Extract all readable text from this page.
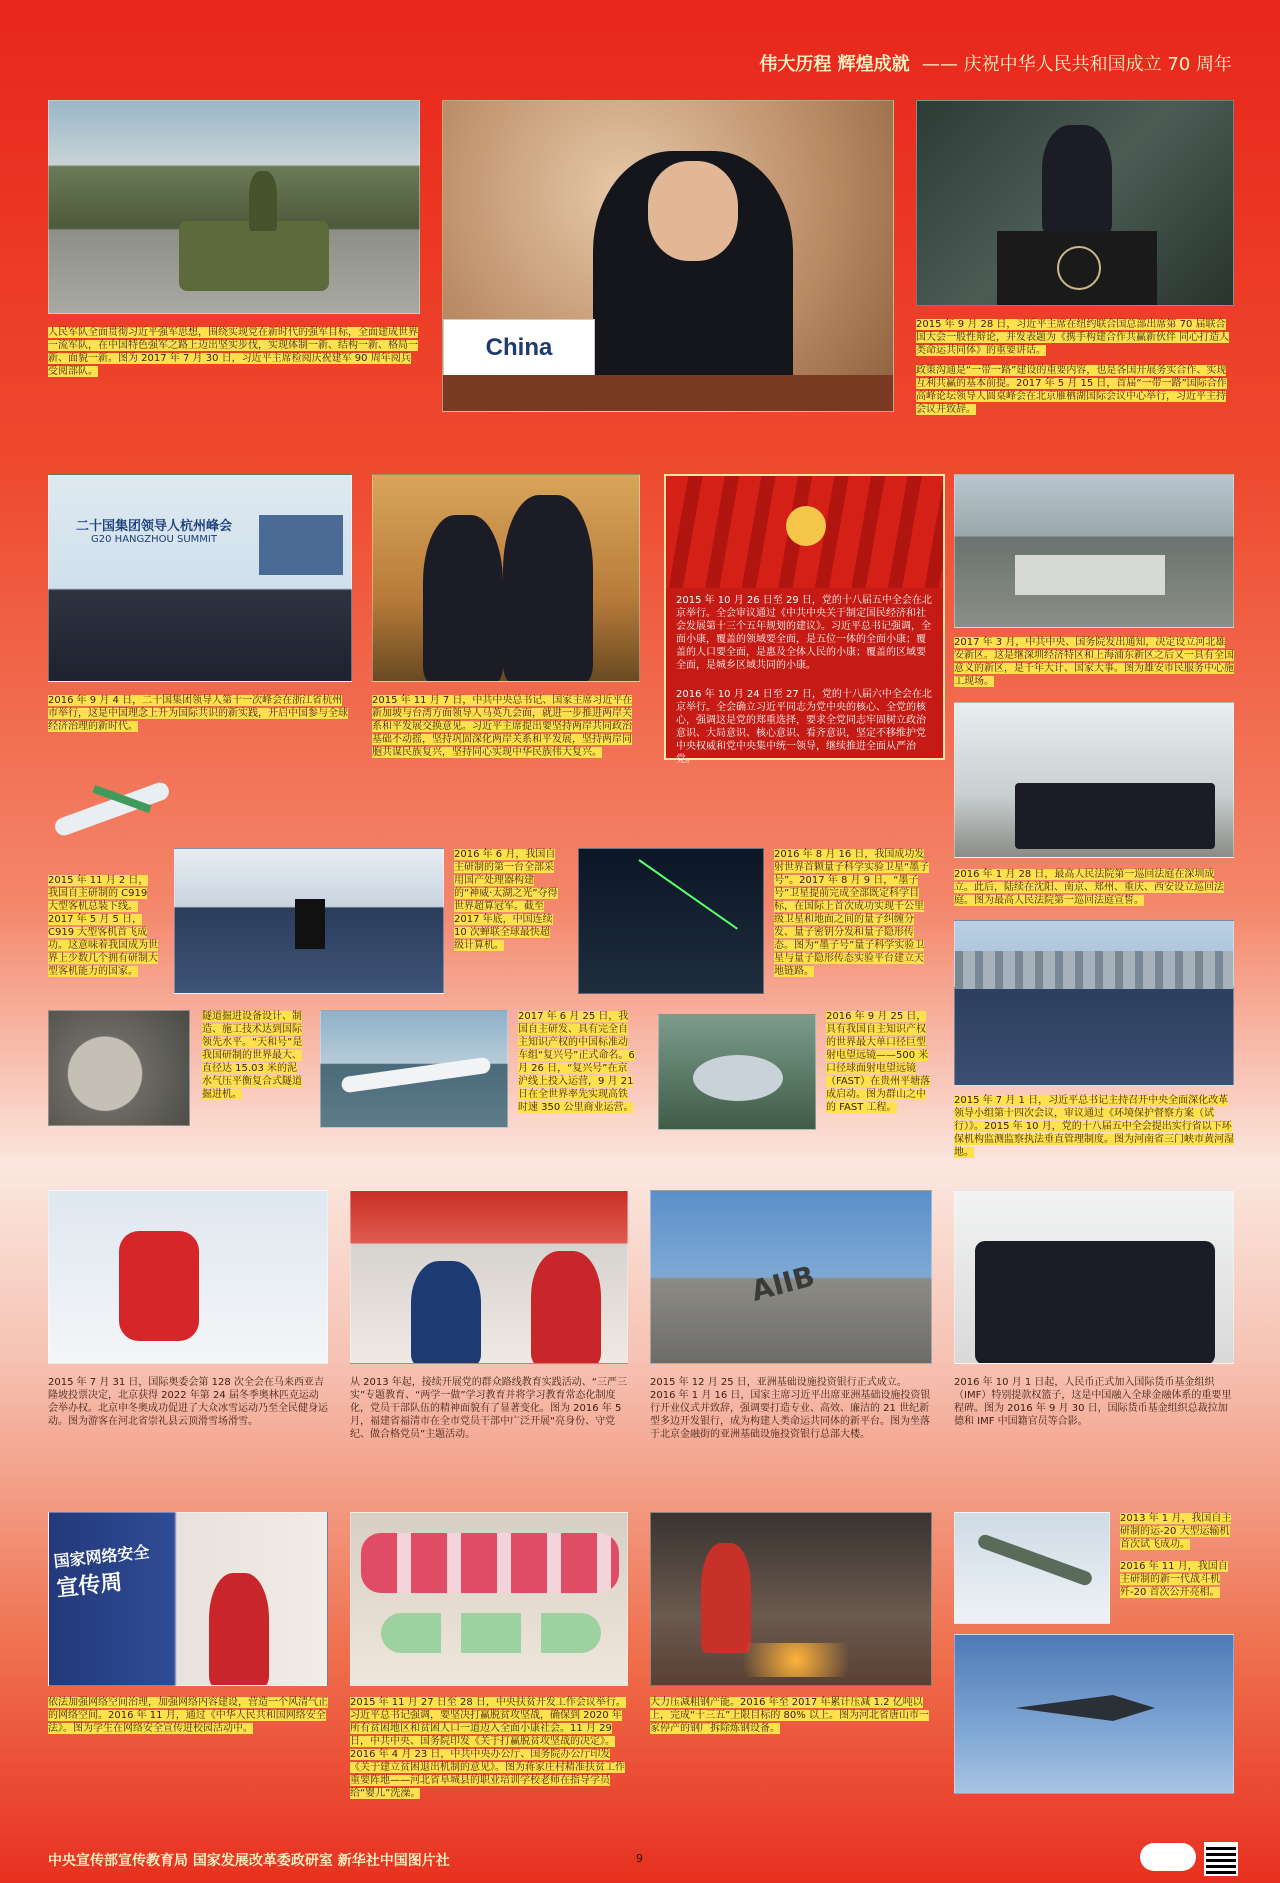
伟大历程 辉煌成就 —— 庆祝中华人民共和国成立 70 周年

人民军队全面贯彻习近平强军思想，围绕实现党在新时代的强军目标，全面建成世界一流军队，在中国特色强军之路上迈出坚实步伐，实现体制一新、结构一新、格局一新、面貌一新。图为 2017 年 7 月 30 日，习近平主席检阅庆祝建军 90 周年阅兵受阅部队。

China

2015 年 9 月 28 日，习近平主席在纽约联合国总部出席第 70 届联合国大会一般性辩论，并发表题为《携手构建合作共赢新伙伴 同心打造人类命运共同体》的重要讲话。

政策沟通是“一带一路”建设的重要内容，也是各国开展务实合作、实现互利共赢的基本前提。2017 年 5 月 15 日，首届“一带一路”国际合作高峰论坛领导人圆桌峰会在北京雁栖湖国际会议中心举行，习近平主持会议并致辞。

二十国集团领导人杭州峰会
G20 HANGZHOU SUMMIT

2016 年 9 月 4 日，二十国集团领导人第十一次峰会在浙江省杭州市举行，这是中国理念上升为国际共识的新实践，开启中国参与全球经济治理的新时代。

2015 年 11 月 7 日，中共中央总书记、国家主席习近平在新加坡与台湾方面领导人马英九会面，就进一步推进两岸关系和平发展交换意见。习近平主席提出要坚持两岸共同政治基础不动摇，坚持巩固深化两岸关系和平发展，坚持两岸同胞共谋民族复兴，坚持同心实现中华民族伟大复兴。

2015 年 10 月 26 日至 29 日，党的十八届五中全会在北京举行。全会审议通过《中共中央关于制定国民经济和社会发展第十三个五年规划的建议》。习近平总书记强调，全面小康，覆盖的领域要全面，是五位一体的全面小康；覆盖的人口要全面，是惠及全体人民的小康；覆盖的区域要全面，是城乡区域共同的小康。

2016 年 10 月 24 日至 27 日，党的十八届六中全会在北京举行。全会确立习近平同志为党中央的核心、全党的核心，强调这是党的郑重选择，要求全党同志牢固树立政治意识、大局意识、核心意识、看齐意识，坚定不移维护党中央权威和党中央集中统一领导，继续推进全面从严治党。

2017 年 3 月，中共中央、国务院发出通知，决定设立河北雄安新区。这是继深圳经济特区和上海浦东新区之后又一具有全国意义的新区，是千年大计、国家大事。图为雄安市民服务中心施工现场。

2015 年 11 月 2 日，我国自主研制的 C919 大型客机总装下线。2017 年 5 月 5 日，C919 大型客机首飞成功。这意味着我国成为世界上少数几个拥有研制大型客机能力的国家。

2016 年 6 月，我国自主研制的第一台全部采用国产处理器构建的“神威·太湖之光”夺得世界超算冠军。截至 2017 年底，中国连续 10 次蝉联全球最快超级计算机。

2016 年 8 月 16 日，我国成功发射世界首颗量子科学实验卫星“墨子号”。2017 年 8 月 9 日，“墨子号”卫星提前完成全部既定科学目标，在国际上首次成功实现千公里级卫星和地面之间的量子纠缠分发、量子密钥分发和量子隐形传态。图为“墨子号”量子科学实验卫星与量子隐形传态实验平台建立天地链路。

2016 年 1 月 28 日，最高人民法院第一巡回法庭在深圳成立。此后，陆续在沈阳、南京、郑州、重庆、西安设立巡回法庭。图为最高人民法院第一巡回法庭宣誓。

隧道掘进设备设计、制造、施工技术达到国际领先水平。“天和号”是我国研制的世界最大、直径达 15.03 米的泥水气压平衡复合式隧道掘进机。

2017 年 6 月 25 日，我国自主研发、具有完全自主知识产权的中国标准动车组“复兴号”正式命名。6 月 26 日，“复兴号”在京沪线上投入运营，9 月 21 日在全世界率先实现高铁时速 350 公里商业运营。

2016 年 9 月 25 日，具有我国自主知识产权的世界最大单口径巨型射电望远镜——500 米口径球面射电望远镜（FAST）在贵州平塘落成启动。图为群山之中的 FAST 工程。

2015 年 7 月 1 日，习近平总书记主持召开中央全面深化改革领导小组第十四次会议，审议通过《环境保护督察方案（试行）》。2015 年 10 月，党的十八届五中全会提出实行省以下环保机构监测监察执法垂直管理制度。图为河南省三门峡市黄河湿地。

2015 年 7 月 31 日，国际奥委会第 128 次全会在马来西亚吉隆坡投票决定，北京获得 2022 年第 24 届冬季奥林匹克运动会举办权。北京申冬奥成功促进了大众冰雪运动乃至全民健身运动。图为游客在河北省崇礼县云顶滑雪场滑雪。

从 2013 年起，接续开展党的群众路线教育实践活动、“三严三实”专题教育、“两学一做”学习教育并将学习教育常态化制度化，党员干部队伍的精神面貌有了显著变化。图为 2016 年 5 月，福建省福清市在全市党员干部中广泛开展“亮身份、守党纪、做合格党员”主题活动。

AIIB

2015 年 12 月 25 日，亚洲基础设施投资银行正式成立。2016 年 1 月 16 日，国家主席习近平出席亚洲基础设施投资银行开业仪式并致辞，强调要打造专业、高效、廉洁的 21 世纪新型多边开发银行，成为构建人类命运共同体的新平台。图为坐落于北京金融街的亚洲基础设施投资银行总部大楼。

2016 年 10 月 1 日起，人民币正式加入国际货币基金组织（IMF）特别提款权篮子，这是中国融入全球金融体系的重要里程碑。图为 2016 年 9 月 30 日，国际货币基金组织总裁拉加德和 IMF 中国籍官员等合影。

国家网络安全
宣传周

依法加强网络空间治理，加强网络内容建设，营造一个风清气正的网络空间。2016 年 11 月，通过《中华人民共和国网络安全法》。图为学生在网络安全宣传进校园活动中。

2015 年 11 月 27 日至 28 日，中央扶贫开发工作会议举行。习近平总书记强调，要坚决打赢脱贫攻坚战，确保到 2020 年所有贫困地区和贫困人口一道迈入全面小康社会。11 月 29 日，中共中央、国务院印发《关于打赢脱贫攻坚战的决定》。2016 年 4 月 23 日，中共中央办公厅、国务院办公厅印发《关于建立贫困退出机制的意见》。图为蒋家庄村精准扶贫工作重要阵地——河北省阜城县的职业培训学校老师在指导学员给“婴儿”洗澡。

大力压减粗钢产能。2016 年至 2017 年累计压减 1.2 亿吨以上，完成“十三五”上限目标的 80% 以上。图为河北省唐山市一家停产的钢厂拆除炼钢设备。

2013 年 1 月，我国自主研制的运-20 大型运输机首次试飞成功。

2016 年 11 月，我国自主研制的新一代战斗机歼-20 首次公开亮相。

中央宣传部宣传教育局 国家发展改革委政研室 新华社中国图片社	9
